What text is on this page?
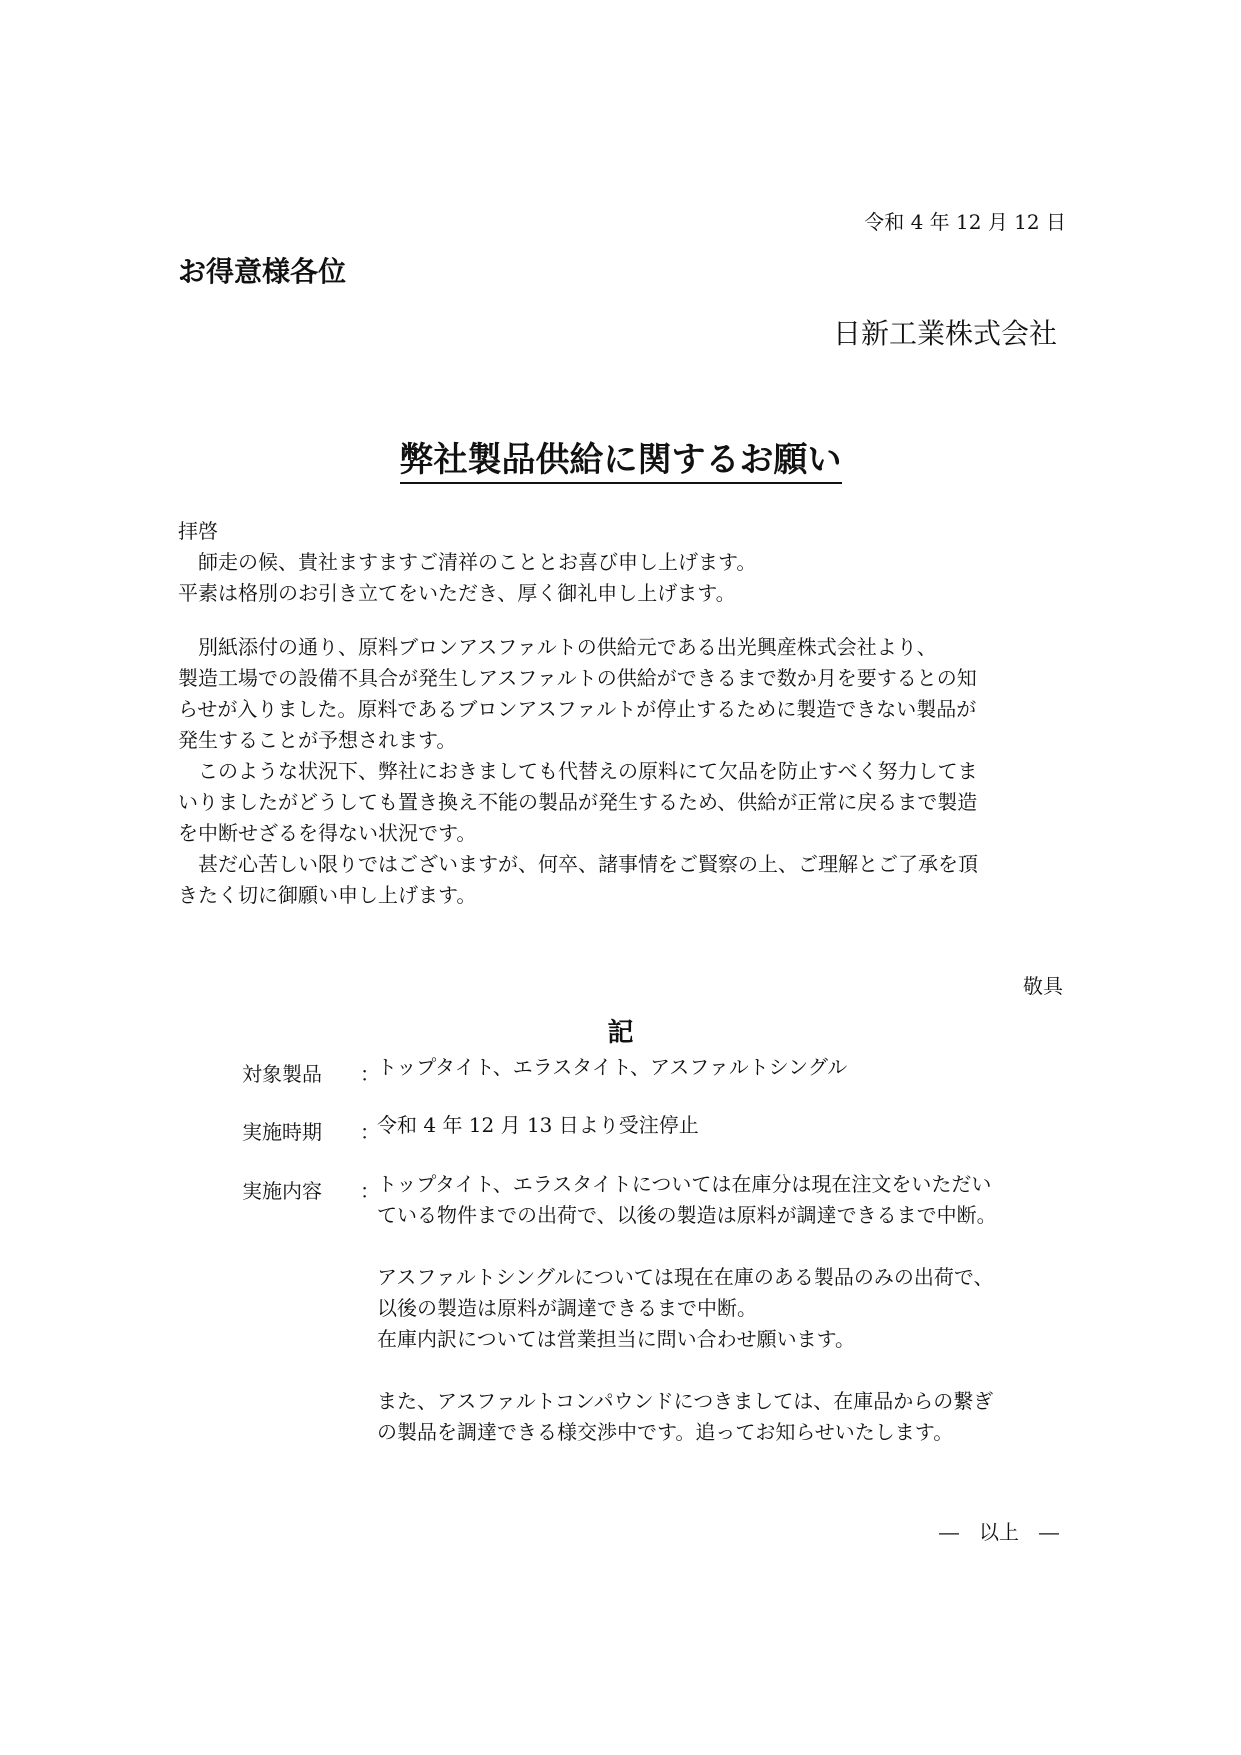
令和 4 年 12 月 12 日
お得意様各位
日新工業株式会社
弊社製品供給に関するお願い
拝啓
　師走の候、貴社ますますご清祥のこととお喜び申し上げます。
平素は格別のお引き立てをいただき、厚く御礼申し上げます。
　別紙添付の通り、原料ブロンアスファルトの供給元である出光興産株式会社より、
製造工場での設備不具合が発生しアスファルトの供給ができるまで数か月を要するとの知
らせが入りました。原料であるブロンアスファルトが停止するために製造できない製品が
発生することが予想されます。
　このような状況下、弊社におきましても代替えの原料にて欠品を防止すべく努力してま
いりましたがどうしても置き換え不能の製品が発生するため、供給が正常に戻るまで製造
を中断せざるを得ない状況です。
　甚だ心苦しい限りではございますが、何卒、諸事情をご賢察の上、ご理解とご了承を頂
きたく切に御願い申し上げます。
敬具
記
対象製品 ：
トップタイト、エラスタイト、アスファルトシングル
実施時期 ：
令和 4 年 12 月 13 日より受注停止
実施内容 ：
トップタイト、エラスタイトについては在庫分は現在注文をいただい
ている物件までの出荷で、以後の製造は原料が調達できるまで中断。
アスファルトシングルについては現在在庫のある製品のみの出荷で、
以後の製造は原料が調達できるまで中断。
在庫内訳については営業担当に問い合わせ願います。
また、アスファルトコンパウンドにつきましては、在庫品からの繋ぎ
の製品を調達できる様交渉中です。追ってお知らせいたします。
―　以上　―
